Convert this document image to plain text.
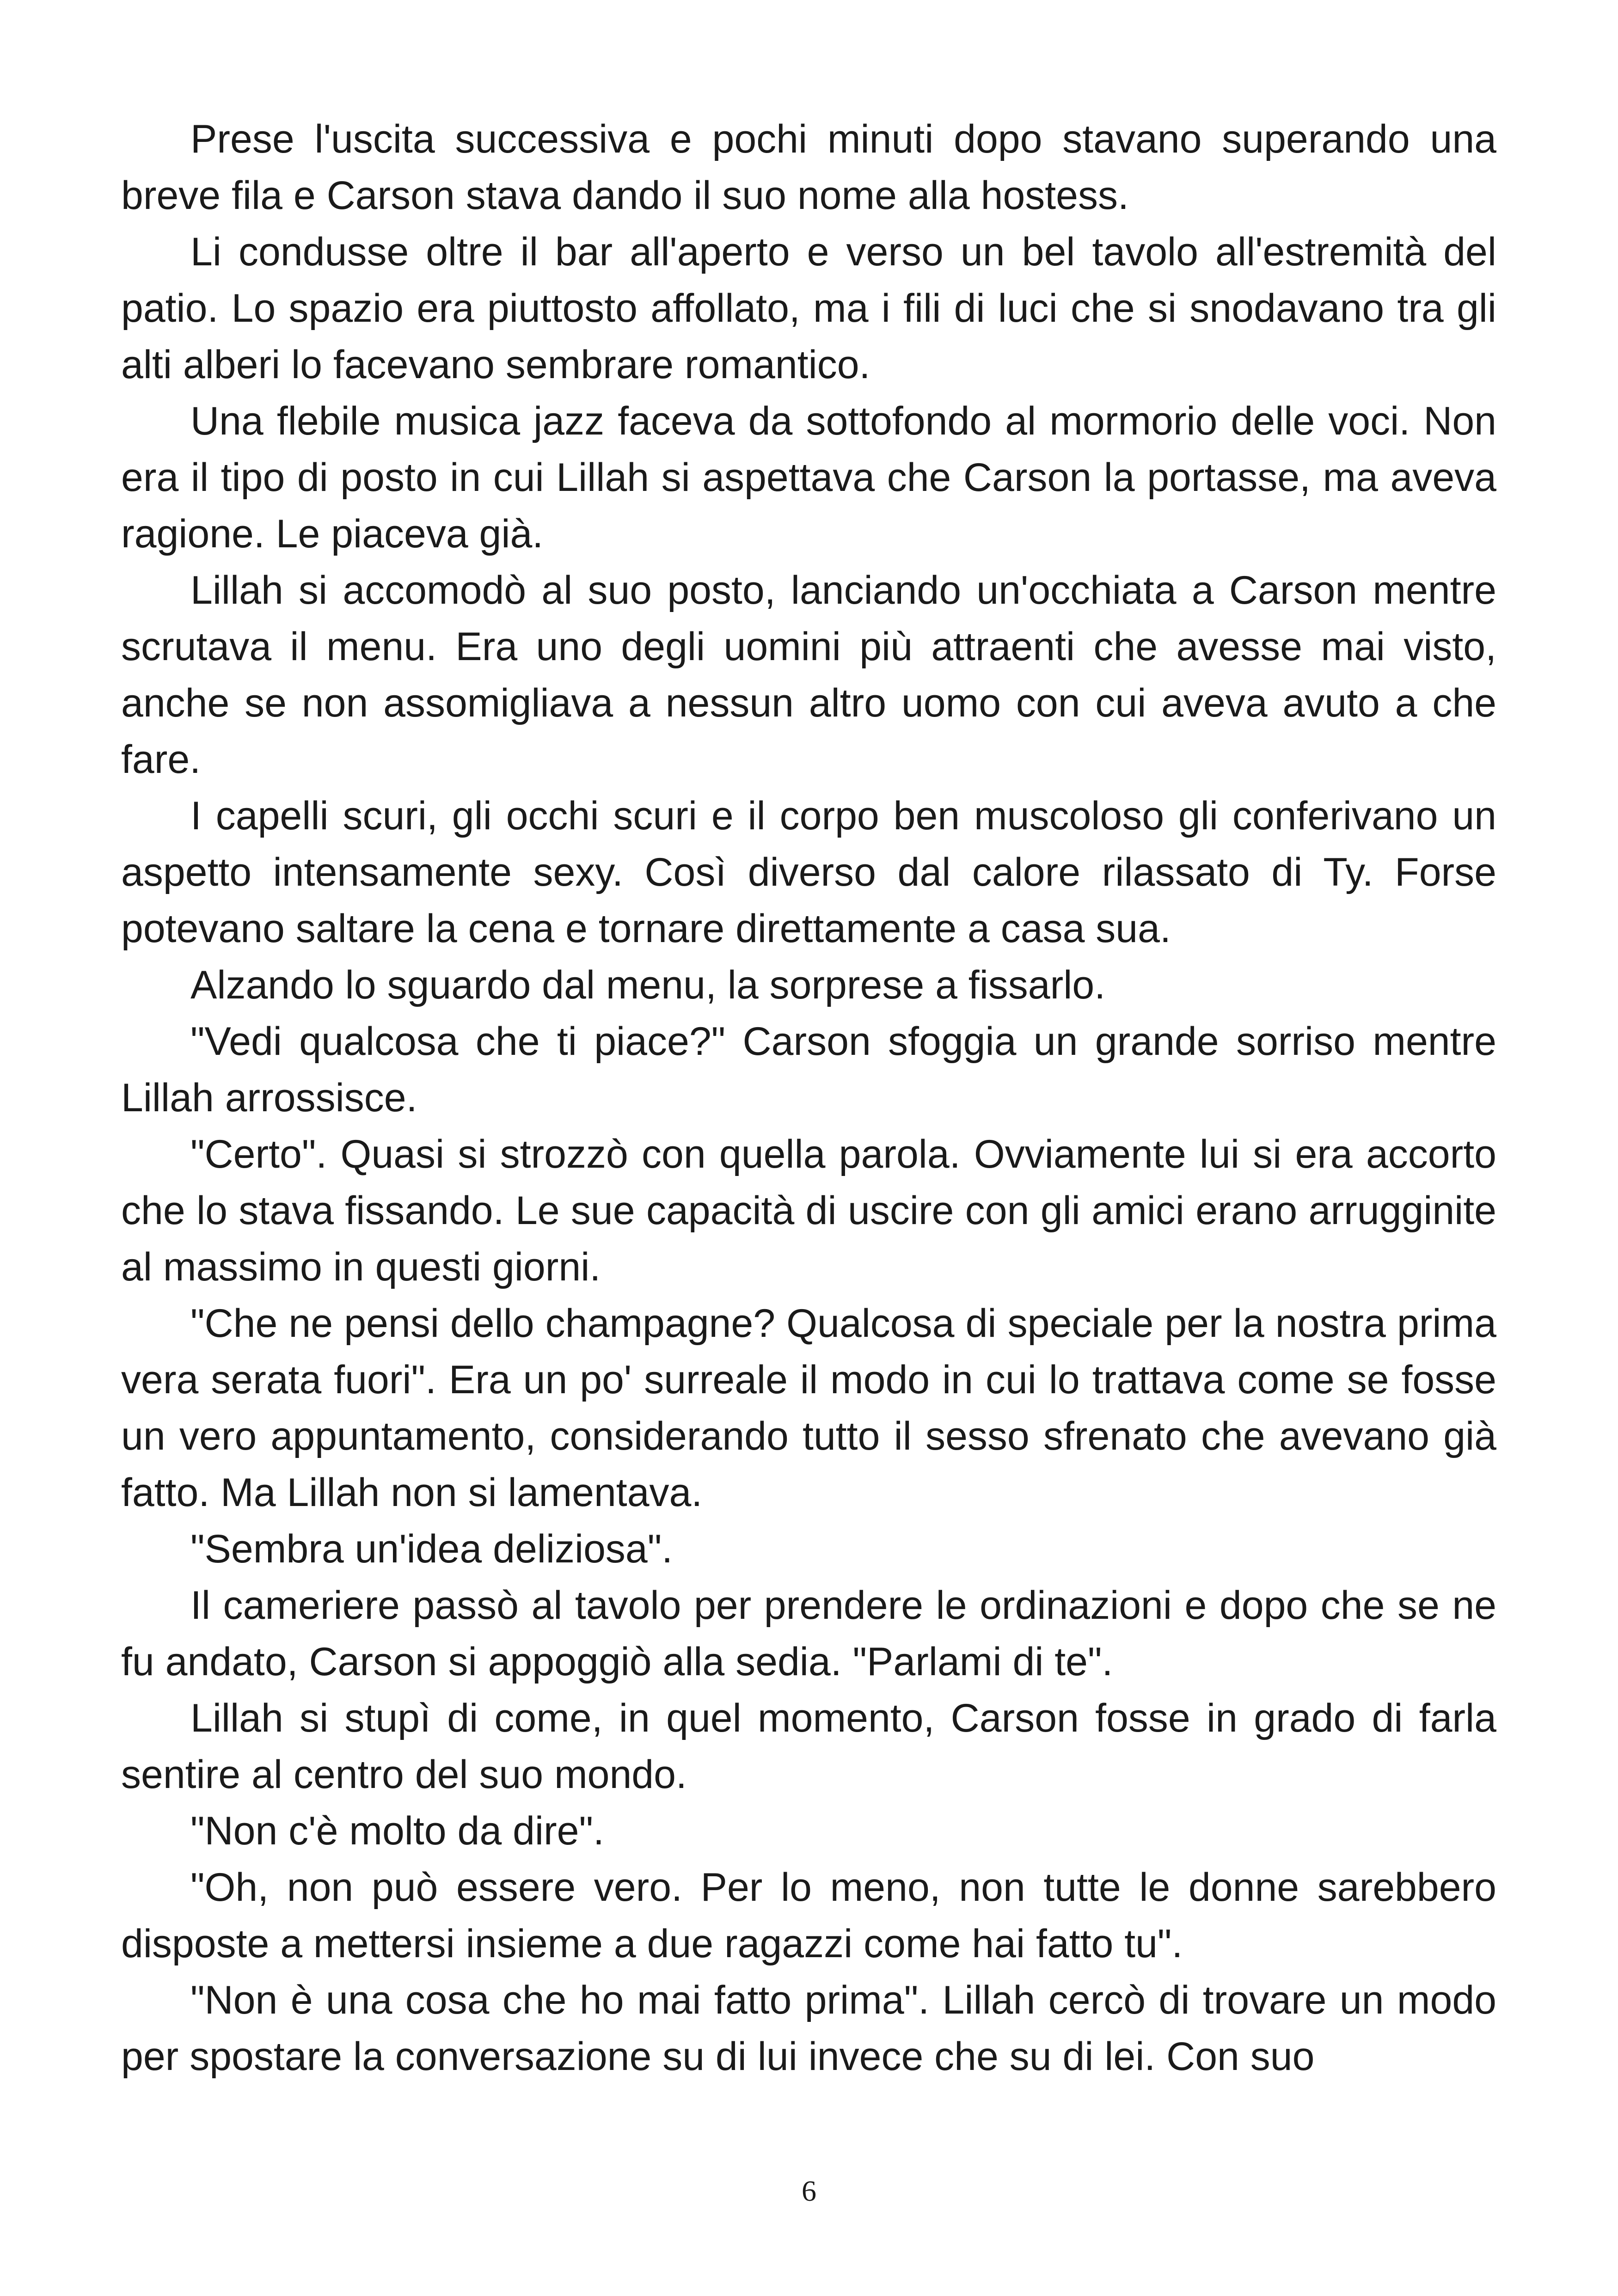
Prese l'uscita successiva e pochi minuti dopo stavano superando una breve fila e Carson stava dando il suo nome alla hostess.

Li condusse oltre il bar all'aperto e verso un bel tavolo all'estremità del patio. Lo spazio era piuttosto affollato, ma i fili di luci che si snodavano tra gli alti alberi lo facevano sembrare romantico.

Una flebile musica jazz faceva da sottofondo al mormorio delle voci. Non era il tipo di posto in cui Lillah si aspettava che Carson la portasse, ma aveva ragione. Le piaceva già.

Lillah si accomodò al suo posto, lanciando un'occhiata a Carson mentre scrutava il menu. Era uno degli uomini più attraenti che avesse mai visto, anche se non assomigliava a nessun altro uomo con cui aveva avuto a che fare.

I capelli scuri, gli occhi scuri e il corpo ben muscoloso gli conferivano un aspetto intensamente sexy. Così diverso dal calore rilassato di Ty. Forse potevano saltare la cena e tornare direttamente a casa sua.

Alzando lo sguardo dal menu, la sorprese a fissarlo.

"Vedi qualcosa che ti piace?" Carson sfoggia un grande sorriso mentre Lillah arrossisce.

"Certo". Quasi si strozzò con quella parola. Ovviamente lui si era accorto che lo stava fissando. Le sue capacità di uscire con gli amici erano arrugginite al massimo in questi giorni.

"Che ne pensi dello champagne? Qualcosa di speciale per la nostra prima vera serata fuori". Era un po' surreale il modo in cui lo trattava come se fosse un vero appuntamento, considerando tutto il sesso sfrenato che avevano già fatto. Ma Lillah non si lamentava.

"Sembra un'idea deliziosa".

Il cameriere passò al tavolo per prendere le ordinazioni e dopo che se ne fu andato, Carson si appoggiò alla sedia. "Parlami di te".

Lillah si stupì di come, in quel momento, Carson fosse in grado di farla sentire al centro del suo mondo.

"Non c'è molto da dire".

"Oh, non può essere vero. Per lo meno, non tutte le donne sarebbero disposte a mettersi insieme a due ragazzi come hai fatto tu".

"Non è una cosa che ho mai fatto prima". Lillah cercò di trovare un modo per spostare la conversazione su di lui invece che su di lei. Con suo

6
